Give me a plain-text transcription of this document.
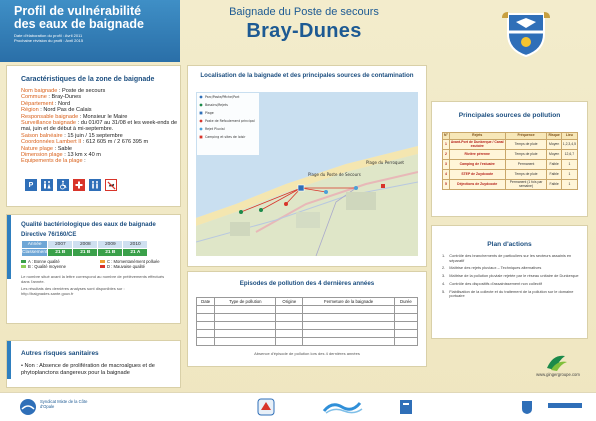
Profil de vulnérabilité
des eaux de baignade
Date d'élaboration du profil : Avril 2011
Prochaine révision du profil : Avril 2015
Baignade du Poste de secours
Bray-Dunes
Caractéristiques de la zone de baignade
Nom baignade : Poste de secours
Commune : Bray-Dunes
Département : Nord
Région : Nord Pas de Calais
Responsable baignade : Monsieur le Maire
Surveillance baignade : du 01/07 au 31/08 et les week-ends de mai, juin et de début à mi-septembre.
Saison balnéaire : 15 juin / 15 septembre
Coordonnées Lambert II : 612 605 m / 2 676 395 m
Nature plage : Sable
Dimension plage : 13 km x 40 m
Equipements de la plage :
P
Qualité bactériologique des eaux de baignade
Directive 76/160/CE
Année	2007	2008	2009	2010
Classement	21 B	21 B	21 B	21 A
A : Bonne qualité	C : Momentanément polluée
B : Qualité moyenne	D : Mauvaise qualité
Le nombre situé avant la lettre correspond au nombre de prélèvements effectués dans l'année.
Les résultats des dernières analyses sont disponibles sur : http://baignades.sante.gouv.fr
Autres risques sanitaires
• Non : Absence de prolifération de macroalgues et de phytoplanctons dangereux pour la baignade
Localisation de la baignade et des principales sources de contamination
Parc/Poste/Pêche/Port
Bassins/Rejets
Plage
Poste de Refoulement principal
Rejet Pluvial
Camping et sites de loisir
Plage du Perroquet
Plage du Poste de Secours
Episodes de pollution des 4 dernières années
Date	Type de pollution	Origine	Fermeture de la baignade	Durée

Absence d'épisode de pollution lors des 4 dernières années
Principales sources de pollution
N°	Rejets	Fréquence	Risque	Lieu
1	Avant-Port de Dunkerque / Canal exutoire	Temps de pluie	Moyen	1,2,3,4,5
2	Rivière pérenne	Temps de pluie	Moyen	12,6,7
3	Camping de l'estuaire	Permanent	Faible	1
4	STEP de Zuydcoote	Temps de pluie	Faible	1
5	Déjections de Zuydcoote	Permanent (1 fois par semaine)	Faible	1
Plan d'actions
1. Contrôle des branchements de particuliers sur les secteurs assainis en séparatif
2. Maîtrise des rejets pluviaux – Techniques alternatives
3. Maîtrise de la pollution pluviale rejetée par le réseau unitaire de Dunkerque
4. Contrôle des dispositifs d'assainissement non collectif
5. Fiabilisation de la collecte et du traitement de la pollution sur le domaine portuaire
www.gingergroupe.com
Syndicat Mixte de la Côte d'Opale
